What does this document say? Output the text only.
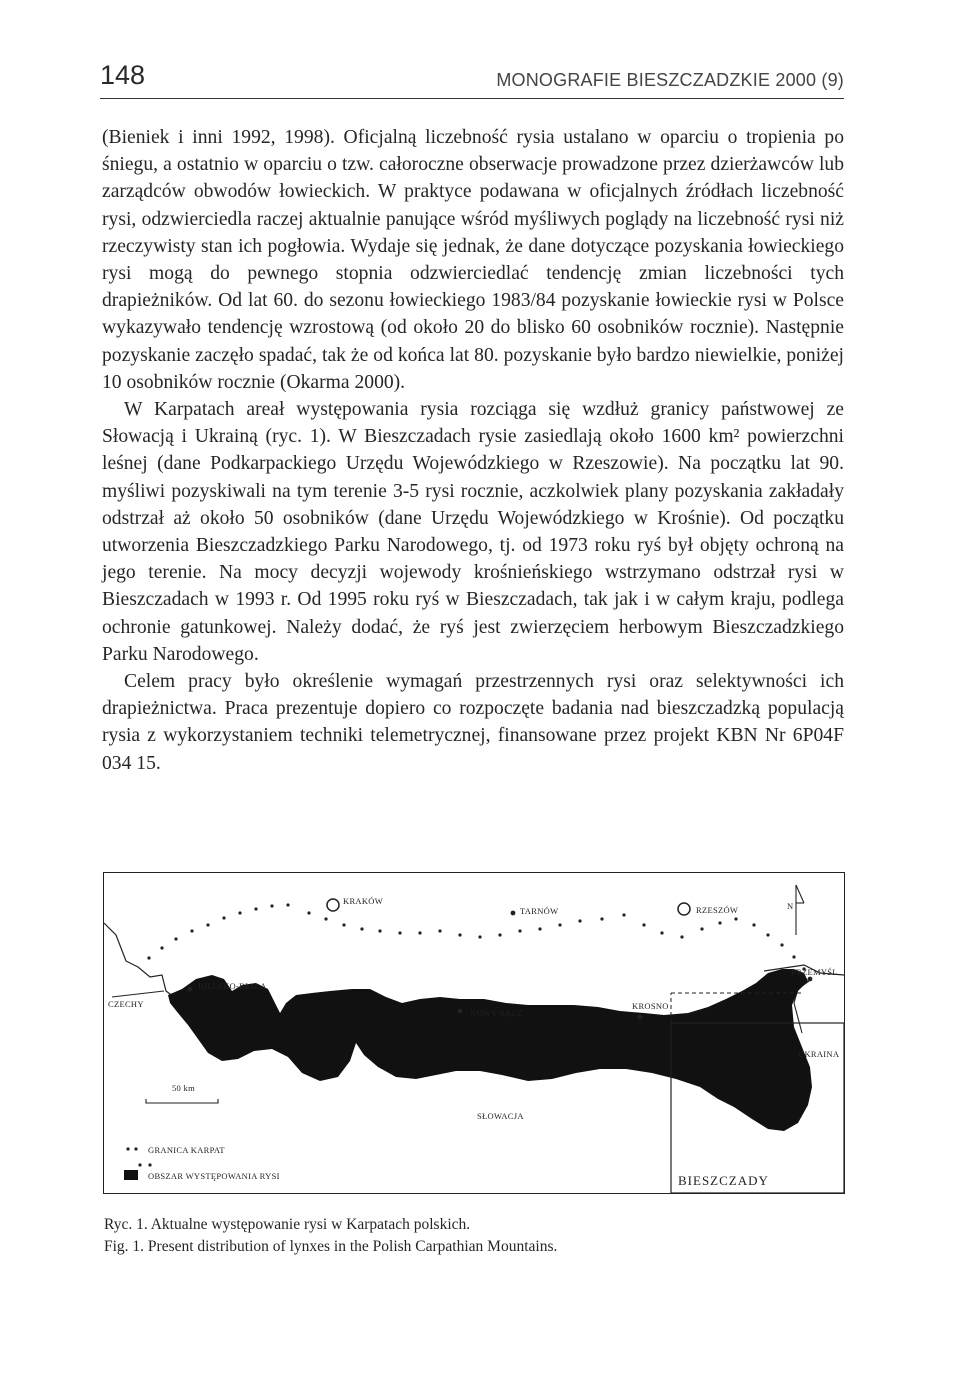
148	MONOGRAFIE BIESZCZADZKIE 2000 (9)

(Bieniek i inni 1992, 1998). Oficjalną liczebność rysia ustalano w oparciu o tropienia po śniegu, a ostatnio w oparciu o tzw. całoroczne obserwacje prowadzone przez dzierżawców lub zarządców obwodów łowieckich. W praktyce podawana w oficjalnych źródłach liczebność rysi, odzwierciedla raczej aktualnie panujące wśród myśliwych poglądy na liczebność rysi niż rzeczywisty stan ich pogłowia. Wydaje się jednak, że dane dotyczące pozyskania łowieckiego rysi mogą do pewnego stopnia odzwierciedlać tendencję zmian liczebności tych drapieżników. Od lat 60. do sezonu łowieckiego 1983/84 pozyskanie łowieckie rysi w Polsce wykazywało tendencję wzrostową (od około 20 do blisko 60 osobników rocznie). Następnie pozyskanie zaczęło spadać, tak że od końca lat 80. pozyskanie było bardzo niewielkie, poniżej 10 osobników rocznie (Okarma 2000).

W Karpatach areał występowania rysia rozciąga się wzdłuż granicy państwowej ze Słowacją i Ukrainą (ryc. 1). W Bieszczadach rysie zasiedlają około 1600 km² powierzchni leśnej (dane Podkarpackiego Urzędu Wojewódzkiego w Rzeszowie). Na początku lat 90. myśliwi pozyskiwali na tym terenie 3-5 rysi rocznie, aczkolwiek plany pozyskania zakładały odstrzał aż około 50 osobników (dane Urzędu Wojewódzkiego w Krośnie). Od początku utworzenia Bieszczadzkiego Parku Narodowego, tj. od 1973 roku ryś był objęty ochroną na jego terenie. Na mocy decyzji wojewody krośnieńskiego wstrzymano odstrzał rysi w Bieszczadach w 1993 r. Od 1995 roku ryś w Bieszczadach, tak jak i w całym kraju, podlega ochronie gatunkowej. Należy dodać, że ryś jest zwierzęciem herbowym Bieszczadzkiego Parku Narodowego.

Celem pracy było określenie wymagań przestrzennych rysi oraz selektywności ich drapieżnictwa. Praca prezentuje dopiero co rozpoczęte badania nad bieszczadzką populacją rysia z wykorzystaniem techniki telemetrycznej, finansowane przez projekt KBN Nr 6P04F 034 15.

KRAKÓW
TARNÓW	RZESZÓW	N
BIELSKO-BIAŁA
CZECHY
NOWY SĄCZ
KROSNO
PRZEMYŚL
UKRAINA
50 km
SŁOWACJA
GRANICA KARPAT
OBSZAR WYSTĘPOWANIA RYSI	BIESZCZADY
Ryc. 1. Aktualne występowanie rysi w Karpatach polskich.
Fig. 1. Present distribution of lynxes in the Polish Carpathian Mountains.
